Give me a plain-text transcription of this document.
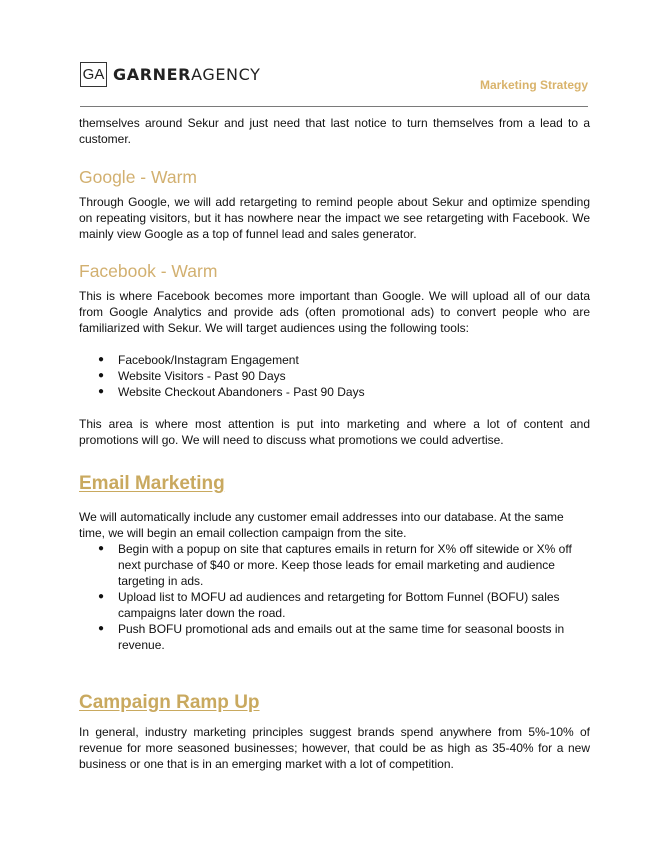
GA GARNERAGENCY
Marketing Strategy

themselves around Sekur and just need that last notice to turn themselves from a lead to a customer.

Google - Warm

Through Google, we will add retargeting to remind people about Sekur and optimize spending on repeating visitors, but it has nowhere near the impact we see retargeting with Facebook. We mainly view Google as a top of funnel lead and sales generator.

Facebook - Warm

This is where Facebook becomes more important than Google. We will upload all of our data from Google Analytics and provide ads (often promotional ads) to convert people who are familiarized with Sekur. We will target audiences using the following tools:

● Facebook/Instagram Engagement
● Website Visitors - Past 90 Days
● Website Checkout Abandoners - Past 90 Days

This area is where most attention is put into marketing and where a lot of content and promotions will go. We will need to discuss what promotions we could advertise.

Email Marketing

We will automatically include any customer email addresses into our database. At the same time, we will begin an email collection campaign from the site.

● Begin with a popup on site that captures emails in return for X% off sitewide or X% off next purchase of $40 or more. Keep those leads for email marketing and audience targeting in ads.
● Upload list to MOFU ad audiences and retargeting for Bottom Funnel (BOFU) sales campaigns later down the road.
● Push BOFU promotional ads and emails out at the same time for seasonal boosts in revenue.
Campaign Ramp Up

In general, industry marketing principles suggest brands spend anywhere from 5%-10% of revenue for more seasoned businesses; however, that could be as high as 35-40% for a new business or one that is in an emerging market with a lot of competition.
